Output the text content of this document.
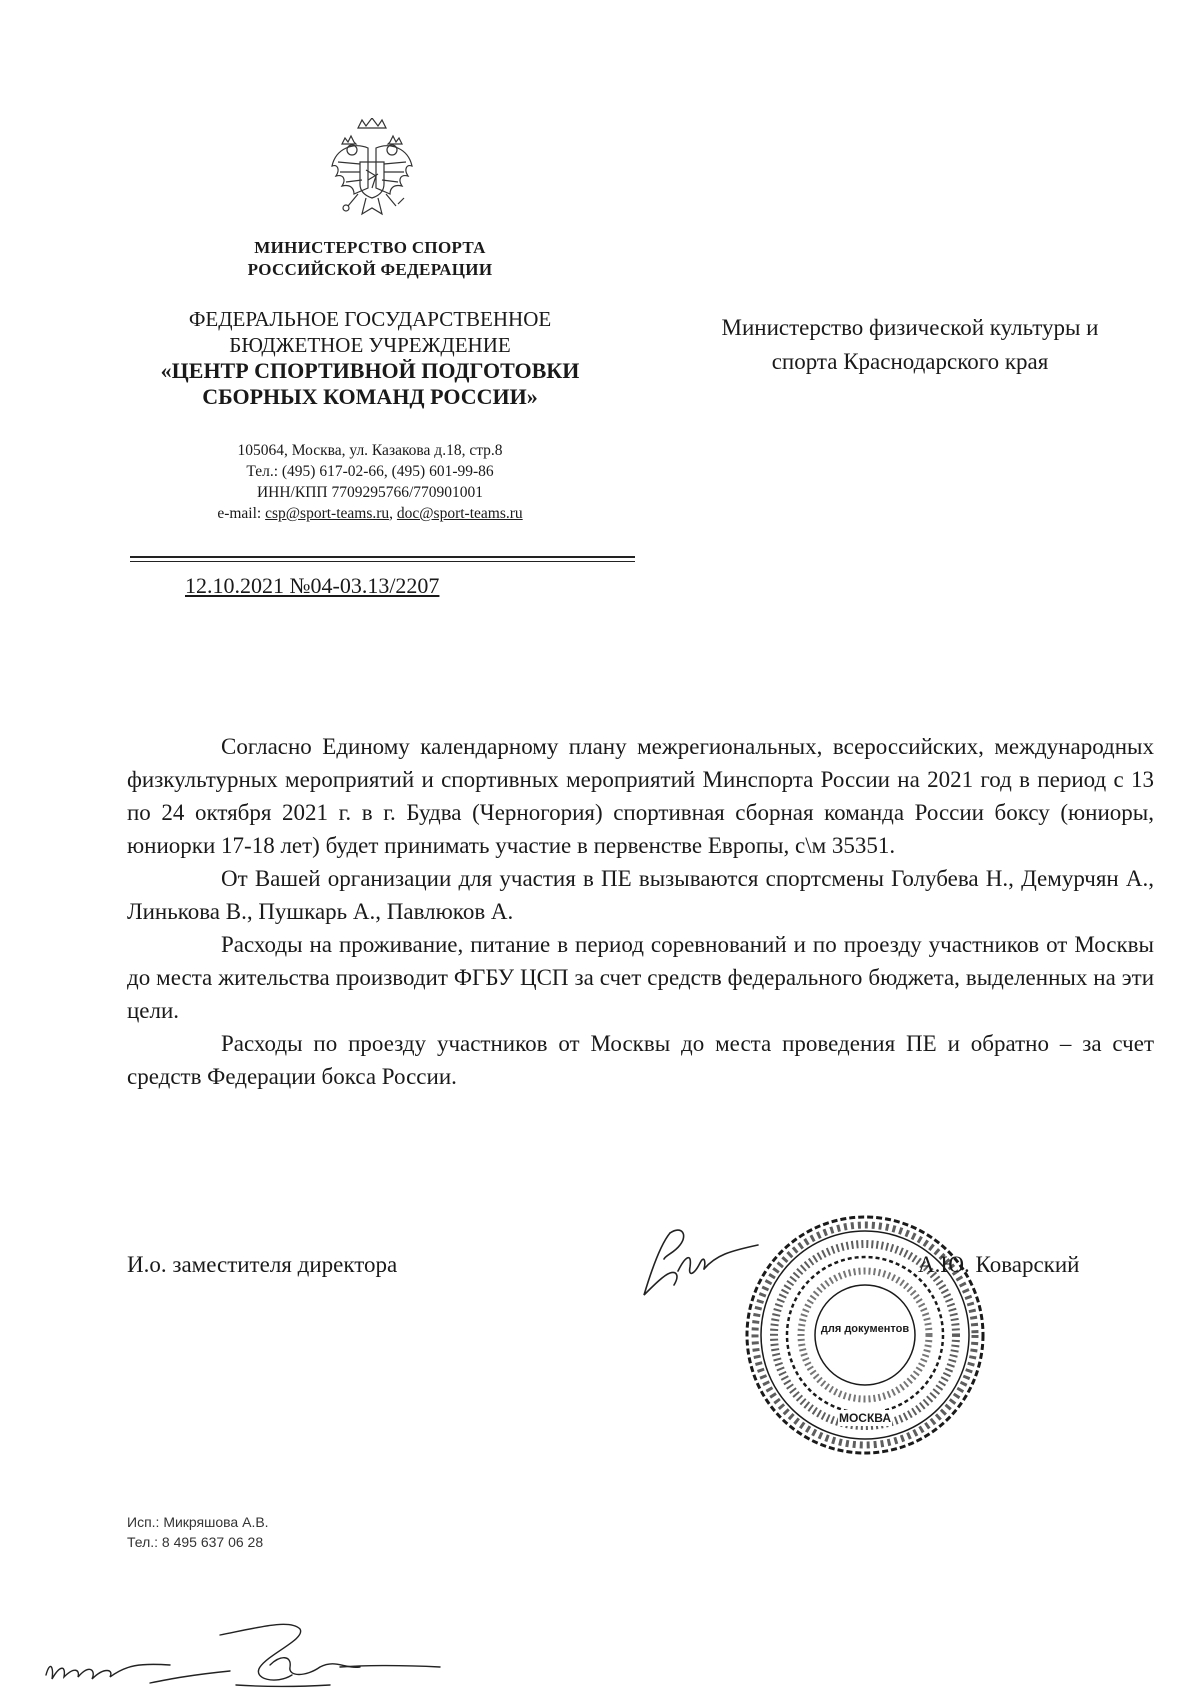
МИНИСТЕРСТВО СПОРТА
РОССИЙСКОЙ ФЕДЕРАЦИИ
ФЕДЕРАЛЬНОЕ ГОСУДАРСТВЕННОЕ
БЮДЖЕТНОЕ УЧРЕЖДЕНИЕ
«ЦЕНТР СПОРТИВНОЙ ПОДГОТОВКИ
СБОРНЫХ КОМАНД РОССИИ»
105064, Москва, ул. Казакова д.18, стр.8
Тел.: (495) 617-02-66, (495) 601-99-86
ИНН/КПП 7709295766/770901001
e-mail: csp@sport-teams.ru, doc@sport-teams.ru
12.10.2021 №04-03.13/2207
Министерство физической культуры и
спорта Краснодарского края

Согласно Единому календарному плану межрегиональных, всероссийских, международных физкультурных мероприятий и спортивных мероприятий Минспорта России на 2021 год в период с 13 по 24 октября 2021 г. в г. Будва (Черногория) спортивная сборная команда России боксу (юниоры, юниорки 17-18 лет) будет принимать участие в первенстве Европы, с\м 35351.

От Вашей организации для участия в ПЕ вызываются спортсмены Голубева Н., Демурчян А., Линькова В., Пушкарь А., Павлюков А.

Расходы на проживание, питание в период соревнований и по проезду участников от Москвы до места жительства производит ФГБУ ЦСП за счет средств федерального бюджета, выделенных на эти цели.

Расходы по проезду участников от Москвы до места проведения ПЕ и обратно – за счет средств Федерации бокса России.

И.о. заместителя директора
для документов
МОСКВА
А.Ю. Коварский
Исп.: Микряшова А.В.
Тел.: 8 495 637 06 28
